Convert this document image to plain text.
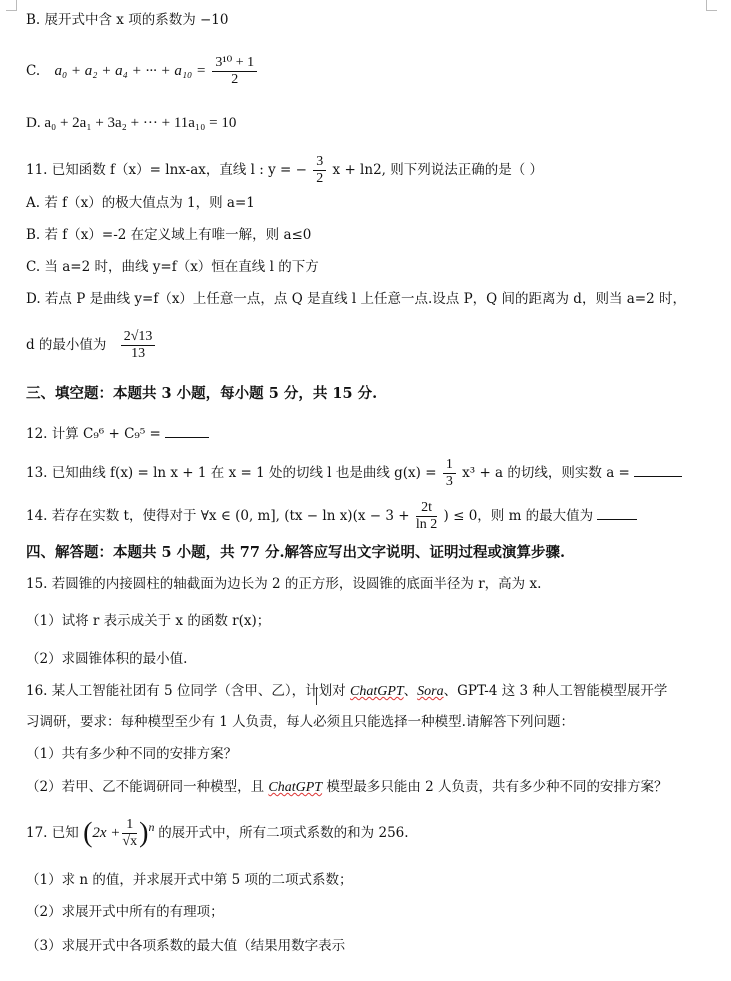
B. 展开式中含 x 项的系数为 −10
C. a₀ + a₂ + a₄ + ··· + $a_{10} = \frac{\text{3¹⁰ + 1}}{2}$
D. a₀ + 2a₁ + 3a₂ + ··· + 11a₁₀ = 10
11. 已知函数 f（x）= lnx-ax，直线 l : y = − $\frac{3}{2}$ x + ln2, 则下列说法正确的是（ ）
A. 若 f（x）的极大值点为 1，则 a=1
B. 若 f（x）=-2 在定义域上有唯一解，则 a≤0
C. 当 a=2 时，曲线 y=f（x）恒在直线 l 的下方
D. 若点 P 是曲线 y=f（x）上任意一点，点 Q 是直线 l 上任意一点.设点 P，Q 间的距离为 d，则当 a=2 时，
d 的最小值为 $\frac{2√13}{13}$
三、填空题：本题共 3 小题，每小题 5 分，共 15 分.
12. 计算 C₉⁶ + C₉⁵ =
13. 已知曲线 f(x) = ln x + 1 在 x = 1 处的切线 l 也是曲线 $g(x) = \frac{1}{3} x^3 + a$ 的切线，则实数 a =
14. 若存在实数 t，使得对于 ∀x ∈ (0, m], $(tx - \ln x)(x - 3 + \frac{2t}{\ln 2}$ ) ≤ 0，则 m 的最大值为
四、解答题：本题共 5 小题，共 77 分.解答应写出文字说明、证明过程或演算步骤.
15. 若圆锥的内接圆柱的轴截面为边长为 2 的正方形，设圆锥的底面半径为 r，高为 x.
（1）试将 r 表示成关于 x 的函数 r(x)；
（2）求圆锥体积的最小值.
16. 某人工智能社团有 5 位同学（含甲、乙），计划对 ChatGPT、Sora、GPT-4 这 3 种人工智能模型展开学
习调研，要求：每种模型至少有 1 人负责，每人必须且只能选择一种模型.请解答下列问题：
（1）共有多少种不同的安排方案？
（2）若甲、乙不能调研同一种模型，且 ChatGPT 模型最多只能由 2 人负责，共有多少种不同的安排方案？
17. 已知 $(2x + \frac{1}{√x} )^n$ 的展开式中，所有二项式系数的和为 256.
（1）求 n 的值，并求展开式中第 5 项的二项式系数；
（2）求展开式中所有的有理项；
（3）求展开式中各项系数的最大值（结果用数字表示
